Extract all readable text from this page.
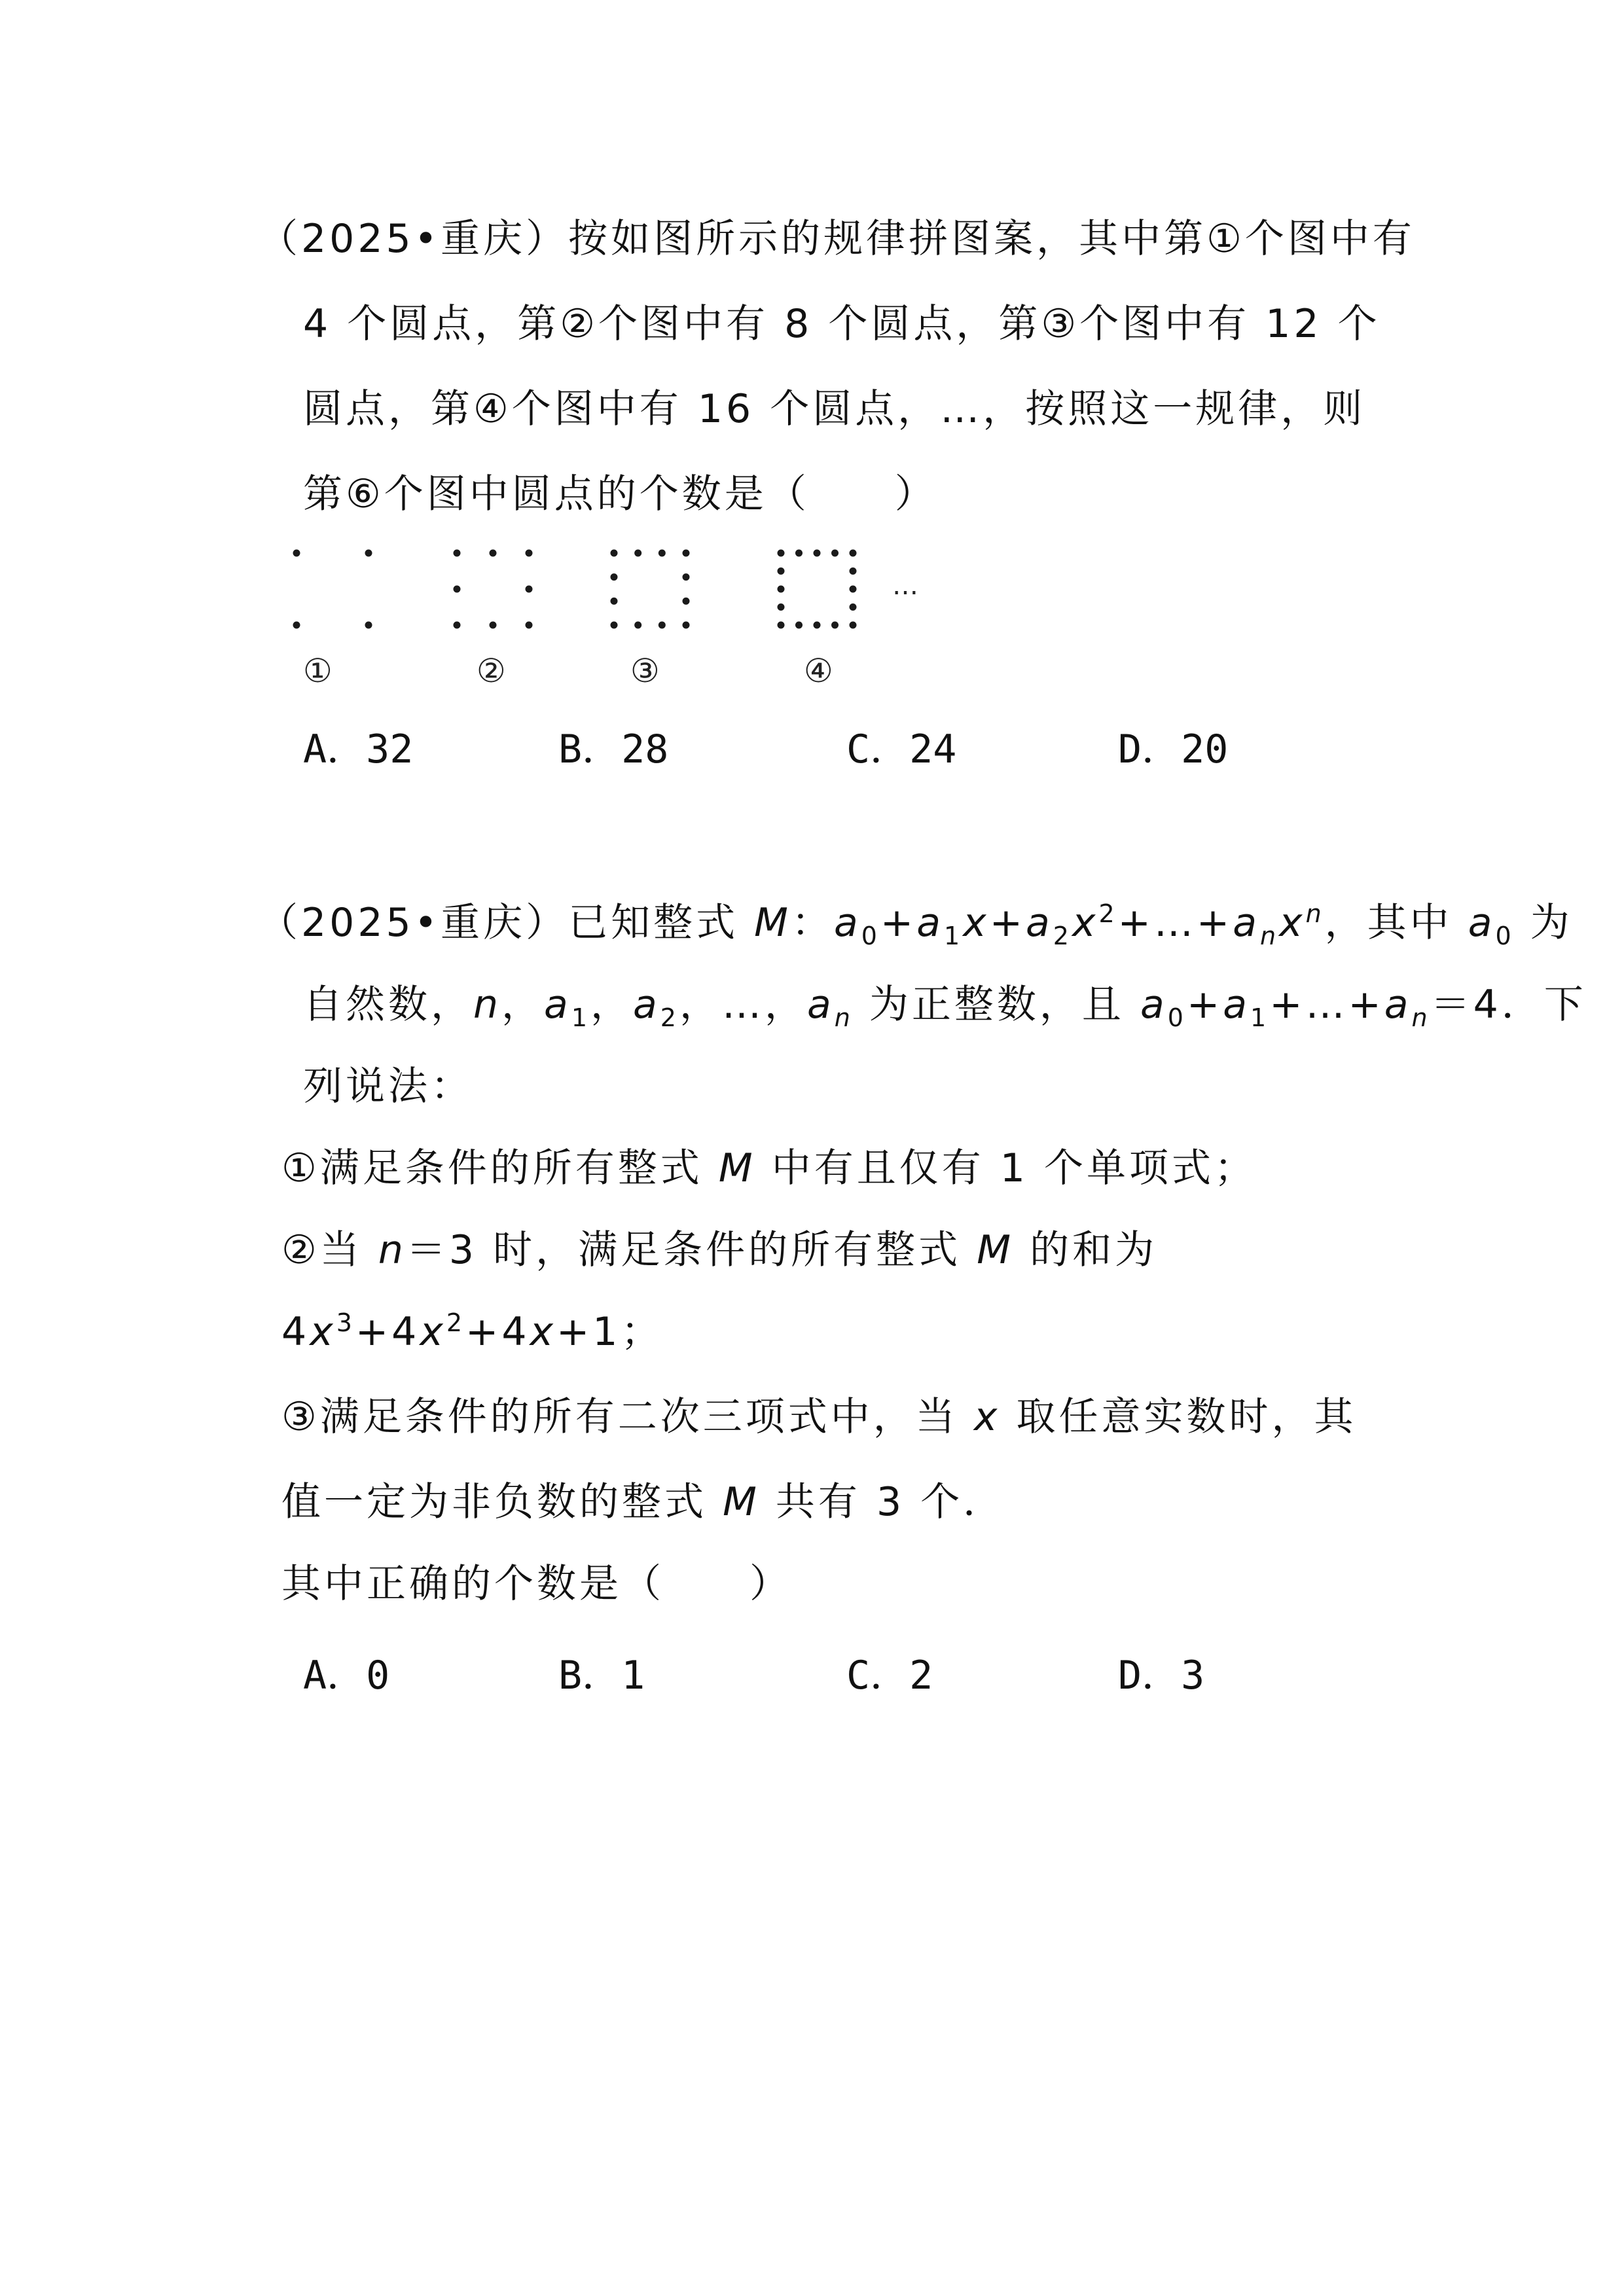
（2025•重庆）按如图所示的规律拼图案，其中第①个图中有
4 个圆点，第②个图中有 8 个圆点，第③个图中有 12 个
圆点，第④个图中有 16 个圆点，…，按照这一规律，则
第⑥个图中圆点的个数是（　　）
①	②	③	④
…
A．32	B．28	C．24	D．20
（2025•重庆）已知整式 M：$a_0+a_1x+a_2x^2+\dots+a_nx^n$，其中 $a_0$ 为
自然数，n，$a_1$，$a_2$，…，$a_n$ 为正整数，且 $a_0+a_1+\dots+a_n=4$．下
列说法：
①满足条件的所有整式 M 中有且仅有 1 个单项式；
②当 n＝3 时，满足条件的所有整式 M 的和为
$4x^3+4x^2+4x+1$；
③满足条件的所有二次三项式中，当 x 取任意实数时，其
值一定为非负数的整式 M 共有 3 个．
其中正确的个数是（　　）
A．0	B．1	C．2	D．3
